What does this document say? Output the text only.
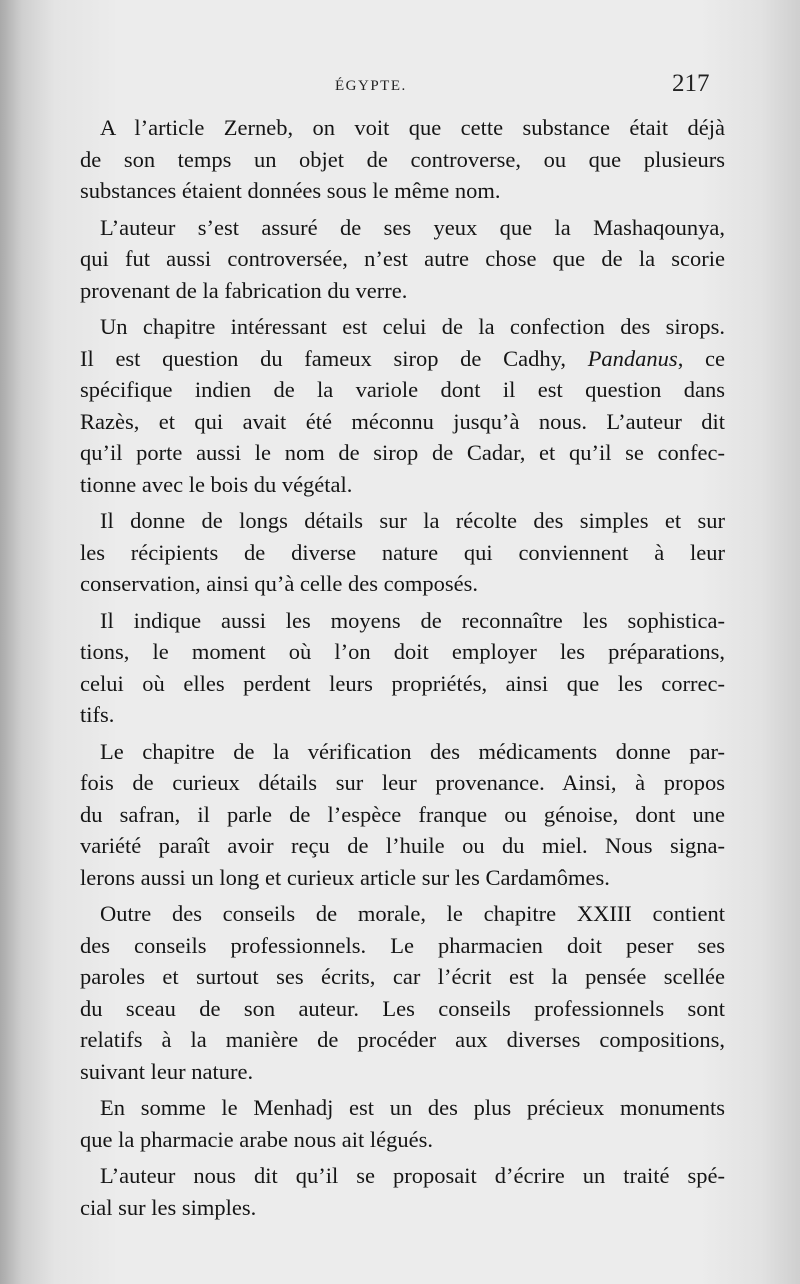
ÉGYPTE.	217

A l’article Zerneb, on voit que cette substance était déjà
de son temps un objet de controverse, ou que plusieurs
substances étaient données sous le même nom.

L’auteur s’est assuré de ses yeux que la Mashaqounya,
qui fut aussi controversée, n’est autre chose que de la scorie
provenant de la fabrication du verre.

Un chapitre intéressant est celui de la confection des sirops.
Il est question du fameux sirop de Cadhy, Pandanus, ce
spécifique indien de la variole dont il est question dans
Razès, et qui avait été méconnu jusqu’à nous. L’auteur dit
qu’il porte aussi le nom de sirop de Cadar, et qu’il se confec-
tionne avec le bois du végétal.

Il donne de longs détails sur la récolte des simples et sur
les récipients de diverse nature qui conviennent à leur
conservation, ainsi qu’à celle des composés.

Il indique aussi les moyens de reconnaître les sophistica-
tions, le moment où l’on doit employer les préparations,
celui où elles perdent leurs propriétés, ainsi que les correc-
tifs.

Le chapitre de la vérification des médicaments donne par-
fois de curieux détails sur leur provenance. Ainsi, à propos
du safran, il parle de l’espèce franque ou génoise, dont une
variété paraît avoir reçu de l’huile ou du miel. Nous signa-
lerons aussi un long et curieux article sur les Cardamômes.

Outre des conseils de morale, le chapitre XXIII contient
des conseils professionnels. Le pharmacien doit peser ses
paroles et surtout ses écrits, car l’écrit est la pensée scellée
du sceau de son auteur. Les conseils professionnels sont
relatifs à la manière de procéder aux diverses compositions,
suivant leur nature.

En somme le Menhadj est un des plus précieux monuments
que la pharmacie arabe nous ait légués.

L’auteur nous dit qu’il se proposait d’écrire un traité spé-
cial sur les simples.
